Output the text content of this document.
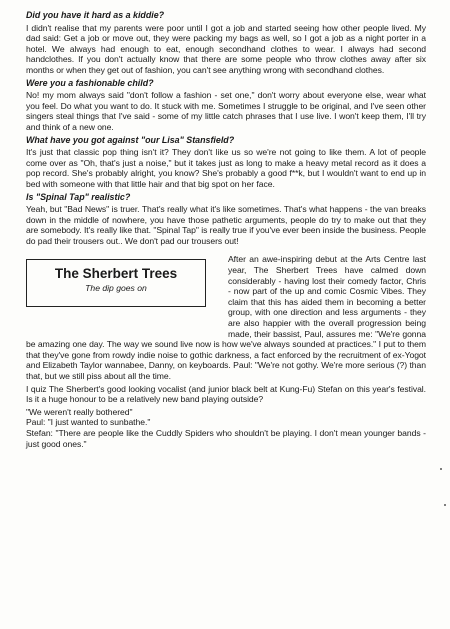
Did you have it hard as a kiddie?
I didn't realise that my parents were poor until I got a job and started seeing how other people lived. My dad said: Get a job or move out, they were packing my bags as well, so I got a job as a night porter in a hotel. We always had enough to eat, enough secondhand clothes to wear. I always had second handclothes. If you don't actually know that there are some people who throw clothes away after six months or when they get out of fashion, you can't see anything wrong with secondhand clothes.
Were you a fashionable child?
No! my mom always said "don't follow a fashion - set one," don't worry about everyone else, wear what you feel. Do what you want to do. It stuck with me. Sometimes I struggle to be original, and I've seen other singers steal things that I've said - some of my little catch phrases that I use live. I won't keep them, I'll try and think of a new one.
What have you got against "our Lisa" Stansfield?
It's just that classic pop thing isn't it? They don't like us so we're not going to like them. A lot of people come over as "Oh, that's just a noise," but it takes just as long to make a heavy metal record as it does a pop record. She's probably alright, you know? She's probably a good f**k, but I wouldn't want to end up in bed with someone with that little hair and that big spot on her face.
Is "Spinal Tap" realistic?
Yeah, but "Bad News" is truer. That's really what it's like sometimes. That's what happens - the van breaks down in the middle of nowhere, you have those pathetic arguments, people do try to make out that they are somebody. It's really like that. "Spinal Tap" is really true if you've ever been inside the business. People do pad their trousers out.. We don't pad our trousers out!
The Sherbert Trees
The dip goes on
After an awe-inspiring debut at the Arts Centre last year, The Sherbert Trees have calmed down considerably - having lost their comedy factor, Chris - now part of the up and comic Cosmic Vibes. They claim that this has aided them in becoming a better group, with one direction and less arguments - they are also happier with the overall progression being made, their bassist, Paul, assures me: "We're gonna be amazing one day. The way we sound live now is how we've always sounded at practices." I put to them that they've gone from rowdy indie noise to gothic darkness, a fact enforced by the recruitment of ex-Yogot and Elizabeth Taylor wannabee, Danny, on keyboards. Paul: "We're not gothy. We're more serious (?) than that, but we still piss about all the time.
I quiz The Sherbert's good looking vocalist (and junior black belt at Kung-Fu) Stefan on this year's festival. Is it a huge honour to be a relatively new band playing outside?
"We weren't really bothered"
Paul: "I just wanted to sunbathe."
Stefan: "There are people like the Cuddly Spiders who shouldn't be playing. I don't mean younger bands - just good ones."
